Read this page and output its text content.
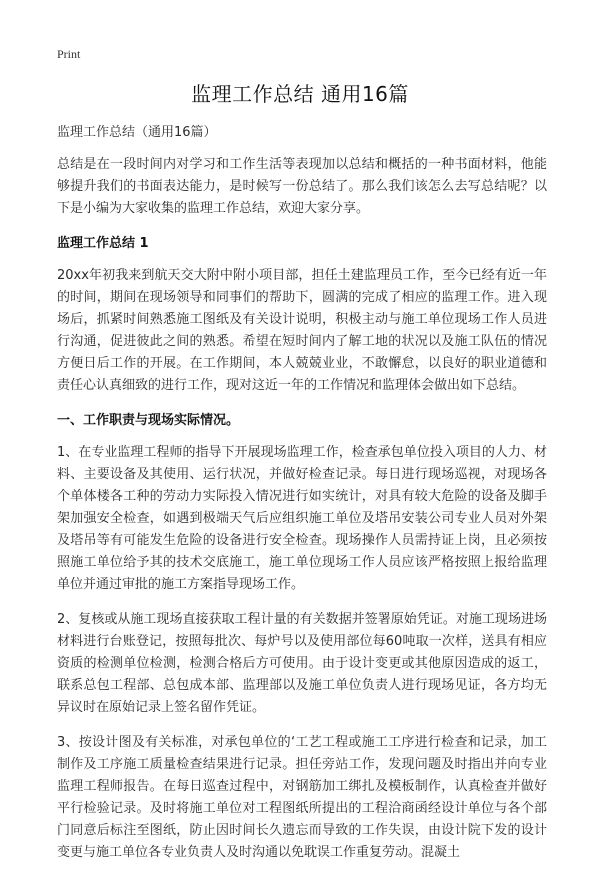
Print
监理工作总结 通用16篇

监理工作总结（通用16篇）

总结是在一段时间内对学习和工作生活等表现加以总结和概括的一种书面材料，他能够提升我们的书面表达能力，是时候写一份总结了。那么我们该怎么去写总结呢？以下是小编为大家收集的监理工作总结，欢迎大家分享。

监理工作总结 1

20xx年初我来到航天交大附中附小项目部，担任土建监理员工作，至今已经有近一年的时间，期间在现场领导和同事们的帮助下，圆满的完成了相应的监理工作。进入现场后，抓紧时间熟悉施工图纸及有关设计说明，积极主动与施工单位现场工作人员进行沟通，促进彼此之间的熟悉。希望在短时间内了解工地的状况以及施工队伍的情况方便日后工作的开展。在工作期间，本人兢兢业业，不敢懈怠，以良好的职业道德和责任心认真细致的进行工作，现对这近一年的工作情况和监理体会做出如下总结。

一、工作职责与现场实际情况。

1、在专业监理工程师的指导下开展现场监理工作，检查承包单位投入项目的人力、材料、主要设备及其使用、运行状况，并做好检查记录。每日进行现场巡视，对现场各个单体楼各工种的劳动力实际投入情况进行如实统计，对具有较大危险的设备及脚手架加强安全检查，如遇到极端天气后应组织施工单位及塔吊安装公司专业人员对外架及塔吊等有可能发生危险的设备进行安全检查。现场操作人员需持证上岗，且必须按照施工单位给予其的技术交底施工，施工单位现场工作人员应该严格按照上报给监理单位并通过审批的施工方案指导现场工作。

2、复核或从施工现场直接获取工程计量的有关数据并签署原始凭证。对施工现场进场材料进行台账登记，按照每批次、每炉号以及使用部位每60吨取一次样，送具有相应资质的检测单位检测，检测合格后方可使用。由于设计变更或其他原因造成的返工，联系总包工程部、总包成本部、监理部以及施工单位负责人进行现场见证，各方均无异议时在原始记录上签名留作凭证。

3、按设计图及有关标准，对承包单位的‘工艺工程或施工工序进行检查和记录，加工制作及工序施工质量检查结果进行记录。担任旁站工作，发现问题及时指出并向专业监理工程师报告。在每日巡查过程中，对钢筋加工绑扎及模板制作，认真检查并做好平行检验记录。及时将施工单位对工程图纸所提出的工程洽商函经设计单位与各个部门同意后标注至图纸，防止因时间长久遗忘而导致的工作失误，由设计院下发的设计变更与施工单位各专业负责人及时沟通以免耽误工作重复劳动。混凝土
